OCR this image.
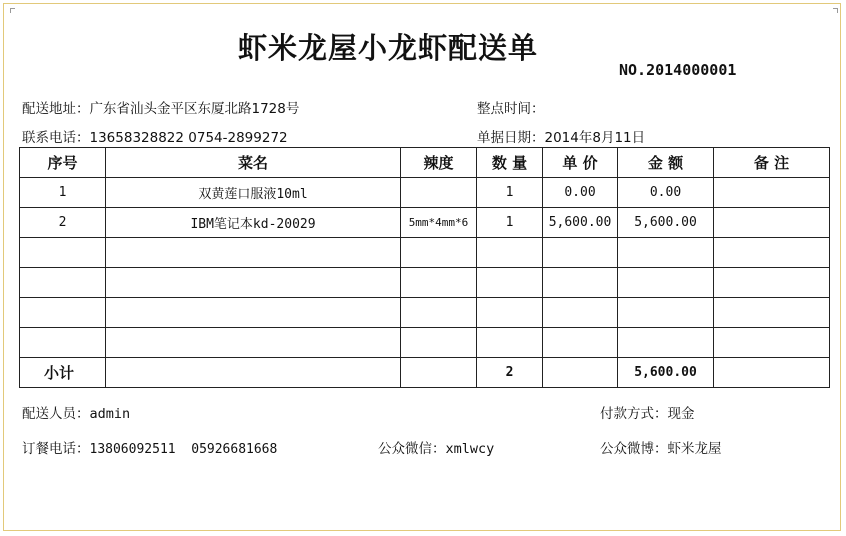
虾米龙屋小龙虾配送单
NO.2014000001
配送地址：广东省汕头金平区东厦北路1728号	整点时间：
联系电话：13658328822 0754-2899272	单据日期：2014年8月11日
序号	菜名	辣度	数 量	单 价	金 额	备 注
1	双黄莲口服液10ml		1	0.00	0.00	
2	IBM笔记本kd-20029	5mm*4mm*6	1	5,600.00	5,600.00	

小计			2		5,600.00	
配送人员：admin	付款方式：现金
订餐电话：13806092511  05926681668	公众微信：xmlwcy	公众微博：虾米龙屋
